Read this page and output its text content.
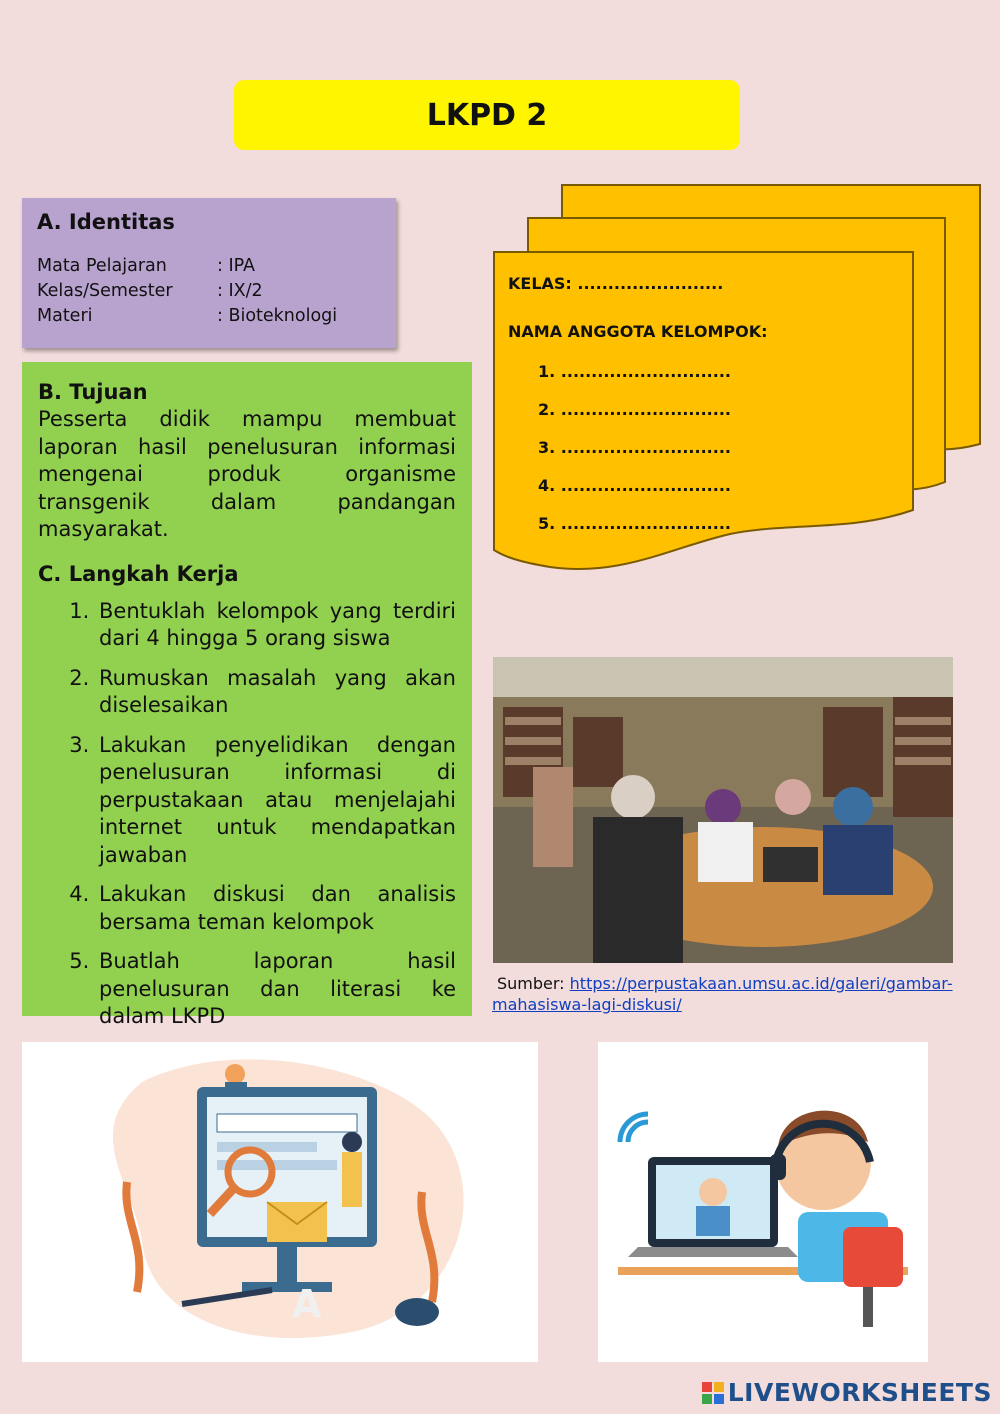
LKPD 2
A. Identitas
Mata Pelajaran	: IPA
Kelas/Semester	: IX/2
Materi	: Bioteknologi
B. Tujuan

Pesserta didik mampu membuat laporan hasil penelusuran informasi mengenai produk organisme transgenik dalam pandangan masyarakat.

C. Langkah Kerja
1. Bentuklah kelompok yang terdiri dari 4 hingga 5 orang siswa
2. Rumuskan masalah yang akan diselesaikan
3. Lakukan penyelidikan dengan penelusuran informasi di perpustakaan atau menjelajahi internet untuk mendapatkan jawaban
4. Lakukan diskusi dan analisis bersama teman kelompok
5. Buatlah laporan hasil penelusuran dan literasi ke dalam LKPD
KELAS: ........................
NAMA ANGGOTA KELOMPOK:
1. ............................
2. ............................
3. ............................
4. ............................
5. ............................
Sumber: https://perpustakaan.umsu.ac.id/galeri/gambar-
mahasiswa-lagi-diskusi/
A
LIVEWORKSHEETS
